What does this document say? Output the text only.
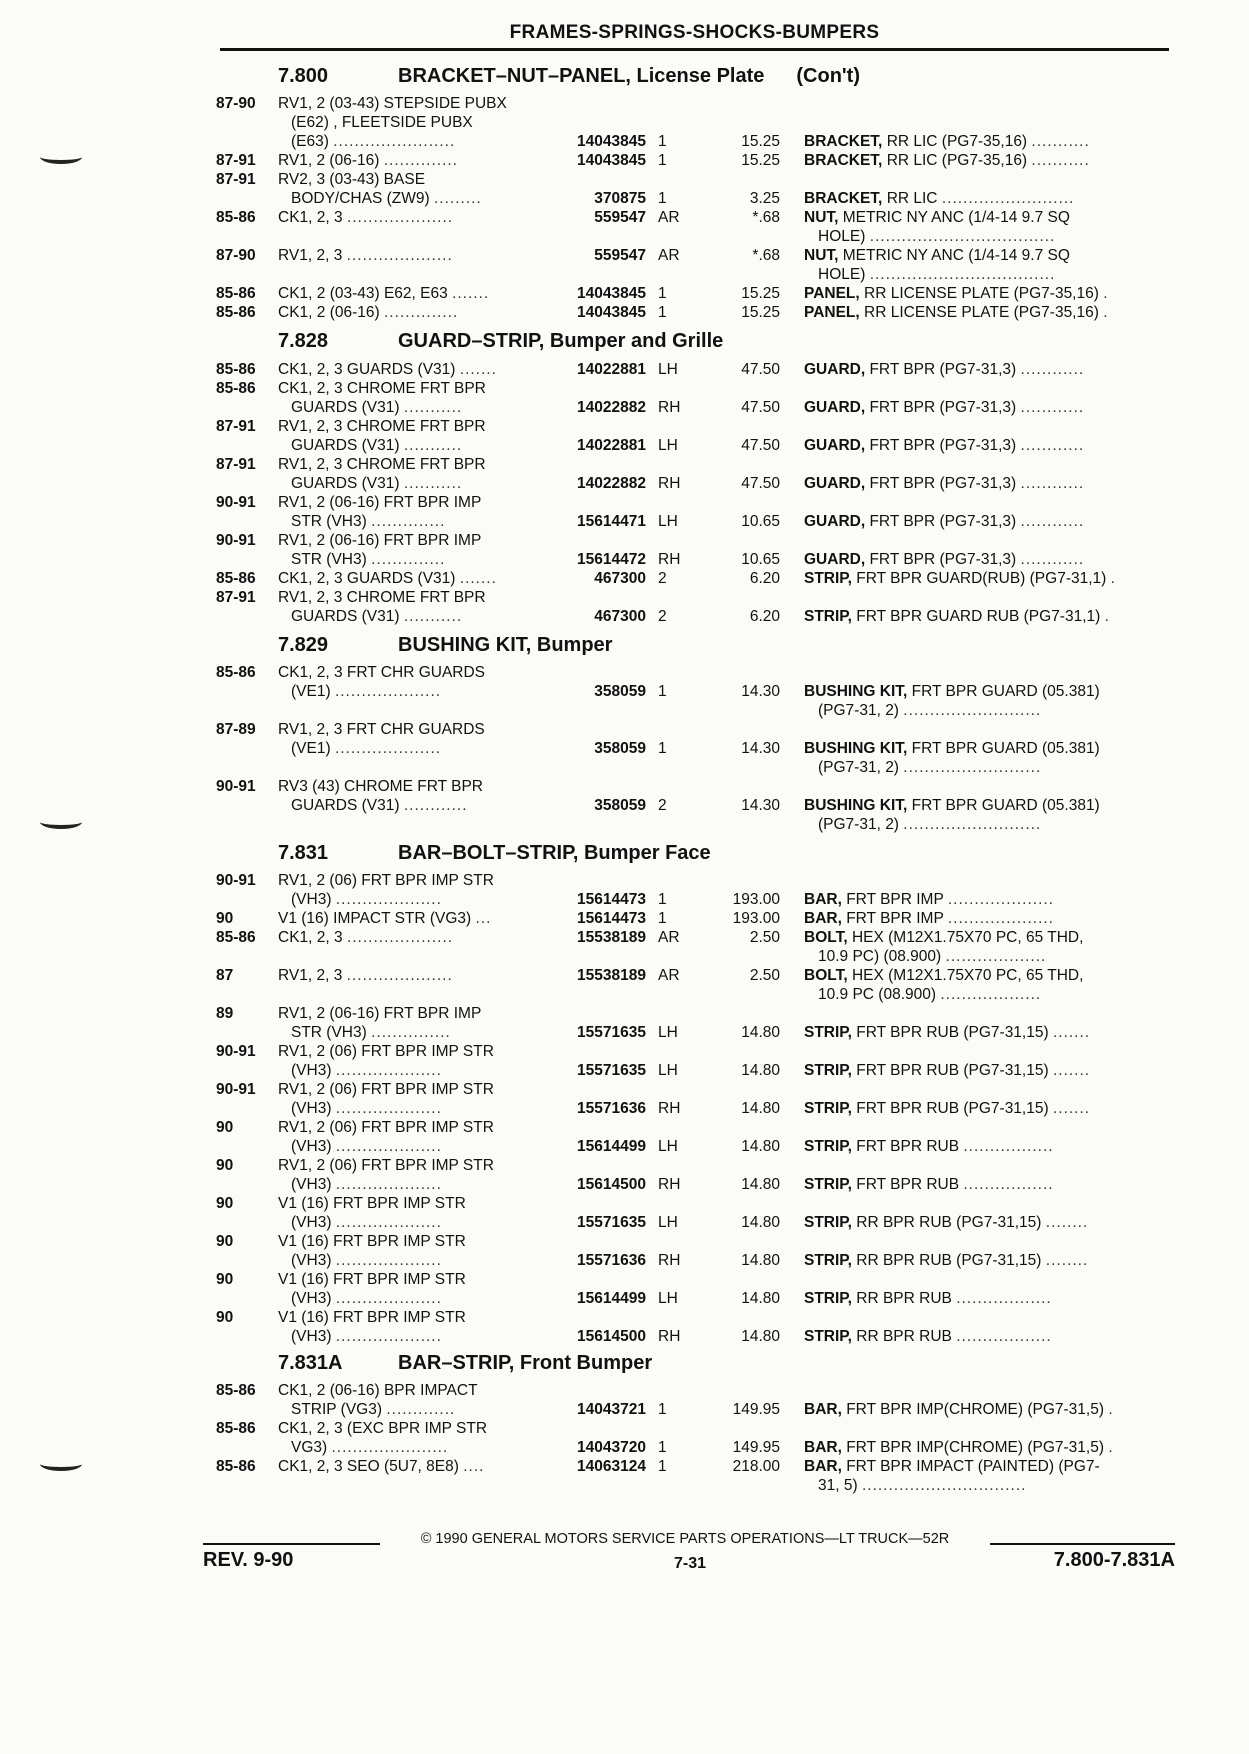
FRAMES-SPRINGS-SHOCKS-BUMPERS
7.800	BRACKET–NUT–PANEL, License Plate (Con't)
87-90 RV1, 2 (03-43) STEPSIDE PUBX
(E62) , FLEETSIDE PUBX
(E63) .......................	14043845 1	15.25 BRACKET, RR LIC (PG7-35,16) ...........
87-91 RV1, 2 (06-16) ..............	14043845 1	15.25 BRACKET, RR LIC (PG7-35,16) ...........
87-91 RV2, 3 (03-43) BASE
BODY/CHAS (ZW9) .........	370875 1	3.25 BRACKET, RR LIC .........................
85-86 CK1, 2, 3 ....................	559547 AR	*.68 NUT, METRIC NY ANC (1/4-14 9.7 SQ
HOLE) ...................................
87-90 RV1, 2, 3 ....................	559547 AR	*.68 NUT, METRIC NY ANC (1/4-14 9.7 SQ
HOLE) ...................................
85-86 CK1, 2 (03-43) E62, E63 .......	14043845 1	15.25 PANEL, RR LICENSE PLATE (PG7-35,16) .
85-86 CK1, 2 (06-16) ..............	14043845 1	15.25 PANEL, RR LICENSE PLATE (PG7-35,16) .
7.828	GUARD–STRIP, Bumper and Grille
85-86 CK1, 2, 3 GUARDS (V31) .......	14022881 LH	47.50 GUARD, FRT BPR (PG7-31,3) ............
85-86 CK1, 2, 3 CHROME FRT BPR
GUARDS (V31) ...........	14022882 RH	47.50 GUARD, FRT BPR (PG7-31,3) ............
87-91 RV1, 2, 3 CHROME FRT BPR
GUARDS (V31) ...........	14022881 LH	47.50 GUARD, FRT BPR (PG7-31,3) ............
87-91 RV1, 2, 3 CHROME FRT BPR
GUARDS (V31) ...........	14022882 RH	47.50 GUARD, FRT BPR (PG7-31,3) ............
90-91 RV1, 2 (06-16) FRT BPR IMP
STR (VH3) ..............	15614471 LH	10.65 GUARD, FRT BPR (PG7-31,3) ............
90-91 RV1, 2 (06-16) FRT BPR IMP
STR (VH3) ..............	15614472 RH	10.65 GUARD, FRT BPR (PG7-31,3) ............
85-86 CK1, 2, 3 GUARDS (V31) .......	467300 2	6.20 STRIP, FRT BPR GUARD(RUB) (PG7-31,1) .
87-91 RV1, 2, 3 CHROME FRT BPR
GUARDS (V31) ...........	467300 2	6.20 STRIP, FRT BPR GUARD RUB (PG7-31,1) .
7.829	BUSHING KIT, Bumper
85-86 CK1, 2, 3 FRT CHR GUARDS
(VE1) ....................	358059 1	14.30 BUSHING KIT, FRT BPR GUARD (05.381)
(PG7-31, 2) ..........................
87-89 RV1, 2, 3 FRT CHR GUARDS
(VE1) ....................	358059 1	14.30 BUSHING KIT, FRT BPR GUARD (05.381)
(PG7-31, 2) ..........................
90-91 RV3 (43) CHROME FRT BPR
GUARDS (V31) ............	358059 2	14.30 BUSHING KIT, FRT BPR GUARD (05.381)
(PG7-31, 2) ..........................
7.831	BAR–BOLT–STRIP, Bumper Face
90-91 RV1, 2 (06) FRT BPR IMP STR
(VH3) ....................	15614473 1	193.00 BAR, FRT BPR IMP ....................
90	V1 (16) IMPACT STR (VG3) ...	15614473 1	193.00 BAR, FRT BPR IMP ....................
85-86 CK1, 2, 3 ....................	15538189 AR	2.50 BOLT, HEX (M12X1.75X70 PC, 65 THD,
10.9 PC) (08.900) ...................
87	RV1, 2, 3 ....................	15538189 AR	2.50 BOLT, HEX (M12X1.75X70 PC, 65 THD,
10.9 PC (08.900) ...................
89	RV1, 2 (06-16) FRT BPR IMP
STR (VH3) ...............	15571635 LH	14.80 STRIP, FRT BPR RUB (PG7-31,15) .......
90-91 RV1, 2 (06) FRT BPR IMP STR
(VH3) ....................	15571635 LH	14.80 STRIP, FRT BPR RUB (PG7-31,15) .......
90-91 RV1, 2 (06) FRT BPR IMP STR
(VH3) ....................	15571636 RH	14.80 STRIP, FRT BPR RUB (PG7-31,15) .......
90	RV1, 2 (06) FRT BPR IMP STR
(VH3) ....................	15614499 LH	14.80 STRIP, FRT BPR RUB .................
90	RV1, 2 (06) FRT BPR IMP STR
(VH3) ....................	15614500 RH	14.80 STRIP, FRT BPR RUB .................
90	V1 (16) FRT BPR IMP STR
(VH3) ....................	15571635 LH	14.80 STRIP, RR BPR RUB (PG7-31,15) ........
90	V1 (16) FRT BPR IMP STR
(VH3) ....................	15571636 RH	14.80 STRIP, RR BPR RUB (PG7-31,15) ........
90	V1 (16) FRT BPR IMP STR
(VH3) ....................	15614499 LH	14.80 STRIP, RR BPR RUB ..................
90	V1 (16) FRT BPR IMP STR
(VH3) ....................	15614500 RH	14.80 STRIP, RR BPR RUB ..................
7.831A	BAR–STRIP, Front Bumper
85-86 CK1, 2 (06-16) BPR IMPACT
STRIP (VG3) .............	14043721 1	149.95 BAR, FRT BPR IMP(CHROME) (PG7-31,5) .
85-86 CK1, 2, 3 (EXC BPR IMP STR
VG3) ......................	14043720 1	149.95 BAR, FRT BPR IMP(CHROME) (PG7-31,5) .
85-86 CK1, 2, 3 SEO (5U7, 8E8) ....	14063124 1	218.00 BAR, FRT BPR IMPACT (PAINTED) (PG7-
31, 5) ...............................
© 1990 GENERAL MOTORS SERVICE PARTS OPERATIONS—LT TRUCK—52R
REV. 9-90	7-31	7.800-7.831A
